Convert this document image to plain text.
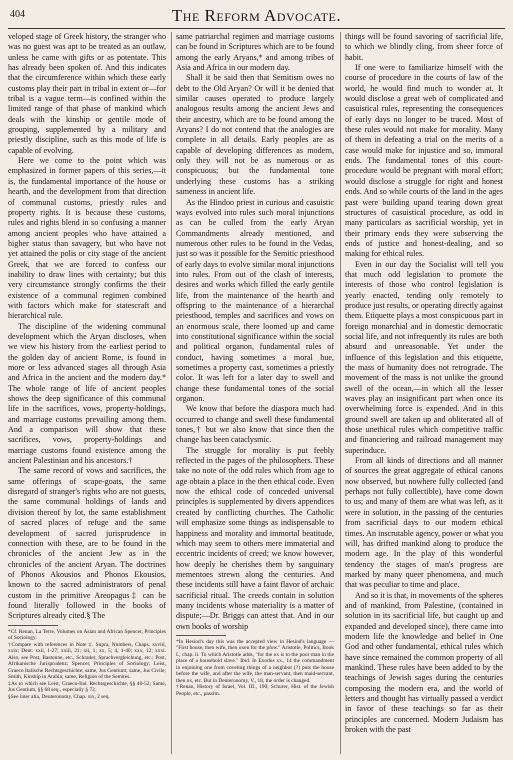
404	The Reform Advocate.

veloped stage of Greek history, the stranger who was no guest was apt to be treated as an outlaw, unless he came with gifts or as potentate. This has already been spoken of. And this indicates that the circumference within which these early customs play their part in tribal in extent or—for tribal is a vague term—is confined within the limited range of that phase of mankind which deals with the kinship or gentile mode of grouping, supplemented by a military and priestly discipline, such as this mode of life is capable of evolving.

Here we come to the point which was emphasized in former papers of this series,—it is, the fundamental importance of the house or hearth, and the development from that direction of communal customs, priestly rules and property rights. It is because these customs, rules and rights blend in so confusing a manner among ancient peoples who have attained a higher status than savagery, but who have not yet attained the polis or city stage of the ancient Greek, that we are forced to confess our inability to draw lines with certainty; but this very circumstance strongly confirms the their existence of a communal regimen combined with factors which make for statescraft and hierarchical rule.

The discipline of the widening communal development which the Aryan discloses, when we view his history from the earliest period to the golden day of ancient Rome, is found in more or less advanced stages all through Asia and Africa in the ancient and the modern day.* The whole range of life of ancient peoples shows the deep significance of this communal life in the sacrifices, vows, property-holdings, and marriage customs prevailing among them. And a comparison will show that these sacrifices, vows, property-holdings and marriage customs found existence among the ancient Palestinian and his ancestors.†

The same record of vows and sacrifices, the same offerings of scape-goats, the same disregard of stranger's rights who are not guests, the same communal holdings of lands and division thereof by lot, the same establishment of sacred places of refuge and the same development of sacred jurisprudence in connection with these, are to be found in the chronicles of the ancient Jew as in the chronicles of the ancient Aryan. The doctrines of Phonos Akousios and Phonos Ekousios, known to the sacred administrators of penal custom in the primitive Areopagus‡ can be found literally followed in the books of Scriptures already cited.§ The

*Cf. Renan, La Terre, Volumes on Asian and African Spencer, Principles of Sociology.

†Compare with references in Note ‡. Supra, Numbers, Chaps. xxviii, xxix; Deut. xxii, 1-27; xxiii, 21; xii, 1; xx, 5; 4, 1-40; xxx, 12; xxxi. Also, see Post, Bastonne, etc., Schrader, Sprachvergleichung, etc.; Post, Afrikanische Jurisprudenz; Spencer, Principles of Sociology; Leist, Graeco Italische Rechtsgeschichte; same, Jus Gentium; same, Jus Civile; Smith, Kinship in Arabia; same, Religion of the Semites.

‡As to which see Leist, Graeco-Ital. Rechtsgeschichte, §§ 40-52; Same, Jus Gentium, §§ 68 seq., especially § 72.

§See inter alia, Deuteronomy, Chap. xix, 2 seq.

same patriarchal regimen and marriage customs can be found in Scriptures which are to be found among the early Aryans,* and among tribes of Asia and Africa in our modern day.

Shall it be said then that Semitism owes no debt to the Old Aryan? Or will it be denied that similar causes operated to produce largely analogous results among the ancient Jews and their ancestry, which are to be found among the Aryans? I do not contend that the analogies are complete in all details. Early peoples are as capable of developing differences as modern, only they will not be as numerous or as conspicuous; but the fundamental tone underlying these customs has a striking sameness in ancient life.

As the Hindoo priest in curious and casuistic ways evolved into rules such moral injunctions as can be culled from the early Aryan Commandments already mentioned, and numerous other rules to be found in the Vedas, just so was it possible for the Semitic priesthood of early days to evolve similar moral injunctions into rules. From out of the clash of interests, desires and works which filled the early gentile life, from the maintenance of the hearth and offspring to the maintenance of a hierarchal priesthood, temples and sacrifices and vows on an enormous scale, there loomed up and came into constitutional significance within the social and political organon, fundamental rules of conduct, having sometimes a moral hue, sometimes a property cast, sometimes a priestly color. It was left for a later day to swell and change these fundamental tones of the social organon.

We know that before the diaspora much had occurred to change and swell these fundamental tones,† but we also know that since then the change has been cataclysmic.

The struggle for morality is put feebly reflected in the pages of the philosophers. These take no note of the odd rules which from age to age obtain a place in the then ethical code. Even now the ethical code of conceded universal principles is supplemented by divers appendices created by conflicting churches. The Catholic will emphasize some things as indispensable to happiness and morality and immortal beatitude, which may seem to others mere immaterial and eccentric incidents of creed; we know however, how deeply he cherishes them by sanguinary mementoes strewn along the centuries. And these incidents still have a faint flavor of archaic sacrificial ritual. The creeds contain in solution many incidents whose materiality is a matter of dispute;—Dr. Briggs can attest that. And in our own books of worship

*In Hesiod's day this was the accepted view in Hesiod's language — "First house, then wife, then oxen for the plow." Aristotle, Politics, Book I., chap. ii. To which Aristotle adds, "for the ox is to the poor man in the place of a household slave." Ibid. In Exodus xx., 14 the commandment in enjoining one from coveting things of a neighbor (?) puts the house before the wife, and after the wife, the man-servant, then maid-servant, then ox, etc. But in Deuteronomy, V., 18, the order is changed.

†Renan, History of Israel, Vol. III., 190; Schurer, Hist. of the Jewish People, etc., passim.

things will be found savoring of sacrificial life, to which we blindly cling, from sheer force of habit.

If one were to familiarize himself with the course of procedure in the courts of law of the world, he would find much to wonder at. It would disclose a great web of complicated and casuistical rules, representing the consequences of early days no longer to be traced. Most of these rules would not make for morality. Many of them in defeating a trial on the merits of a case would make for injustice and so, immoral ends. The fundamental tones of this court-procedure would be pregnant with moral effort; would disclose a struggle for right and honest ends. And so while courts of the land in the ages past were building upand tearing down great structures of casuistical procedure, as odd in many particulars as sacrificial worship, yet in their primary ends they were subserving the ends of justice and honest-dealing, and so making for ethical rules.

Even in our day the Socialist will tell you that much odd legislation to promote the interests of those who control legislation is yearly enacted, tending only remotely to produce just results, or operating directly against them. Etiquette plays a most conspicuous part in foreign monarchial and in domestic democratic social life, and not infrequently its rules are both absurd and unreasonable. Yet under the influence of this legislation and this etiquette, the mass of humanity does not retrograde. The movement of the mass is not unlike the ground swell of the ocean,—in which all the lesser waves play an insignificant part when once its overwhelming force is expended. And in this ground swell are taken up and obliterated all of those unethical rules which competitive traffic and financiering and railroad management may superinduce.

From all kinds of directions and all manner of sources the great aggregate of ethical canons now observed, but nowhere fully collected (and perhaps not fully collectible), have come down to us; and many of them are what was left, as it were in solution, in the passing of the centuries from sacrificial days to our modern ethical times. An inscrutable agency, power or what you will, has drifted mankind along to produce the modern age. In the play of this wonderful tendency the stages of man's progress are marked by many queer phenomena, and much that was peculiar to time and place.

And so it is that, in movements of the spheres and of mankind, from Palestine, (contained in solution in its sacrificial life, but caught up and expanded and developed since), there came into modern life the knowledge and belief in One God and other fundamental, ethical rules which have since remained the common property of all mankind. These rules have been added to by the teachings of Jewish sages during the centuries composing the modern era, and the world of letters and thought has virtually passed a verdict in favor of these teachings so far as their principles are concerned. Modern Judaism has broken with the past
